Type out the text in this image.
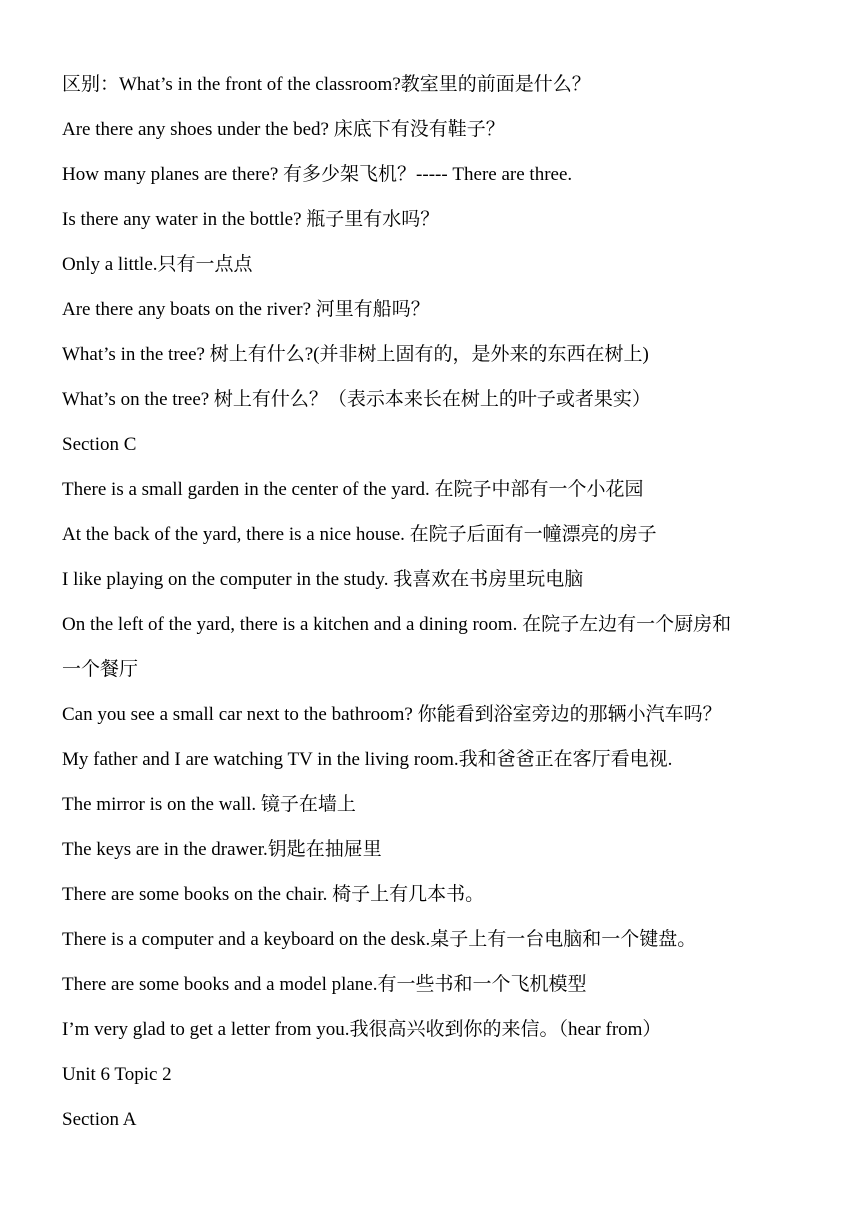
区别：What’s in the front of the classroom?教室里的前面是什么？
Are there any shoes under the bed? 床底下有没有鞋子？
How many planes are there? 有多少架飞机？----- There are three.
Is there any water in the bottle? 瓶子里有水吗？
Only a little.只有一点点
Are there any boats on the river? 河里有船吗？
What’s in the tree? 树上有什么?(并非树上固有的，是外来的东西在树上)
What’s on the tree? 树上有什么？（表示本来长在树上的叶子或者果实）
Section C
There is a small garden in the center of the yard. 在院子中部有一个小花园
At the back of the yard, there is a nice house. 在院子后面有一幢漂亮的房子
I like playing on the computer in the study. 我喜欢在书房里玩电脑
On the left of the yard, there is a kitchen and a dining room. 在院子左边有一个厨房和
一个餐厅
Can you see a small car next to the bathroom? 你能看到浴室旁边的那辆小汽车吗？
My father and I are watching TV in the living room.我和爸爸正在客厅看电视.
The mirror is on the wall. 镜子在墙上
The keys are in the drawer.钥匙在抽屉里
There are some books on the chair. 椅子上有几本书。
There is a computer and a keyboard on the desk.桌子上有一台电脑和一个键盘。
There are some books and a model plane.有一些书和一个飞机模型
I’m very glad to get a letter from you.我很高兴收到你的来信。（hear from）
Unit 6 Topic 2
Section A
